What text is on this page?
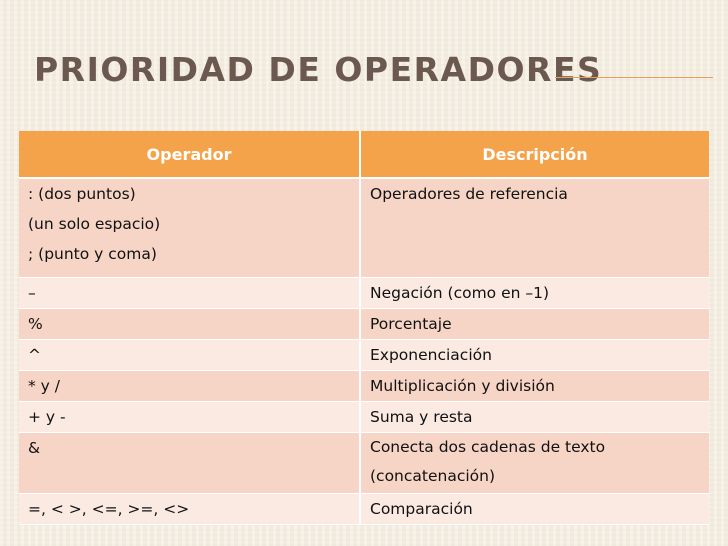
PRIORIDAD DE OPERADORES
Operador	Descripción

: (dos puntos)
(un solo espacio)
; (punto y coma)	Operadores de referencia

–	Negación (como en –1)
%	Porcentaje
^	Exponenciación
* y /	Multiplicación y división
+ y -	Suma y resta
&	Conecta dos cadenas de texto
(concatenación)

=, < >, <=, >=, <>	Comparación
